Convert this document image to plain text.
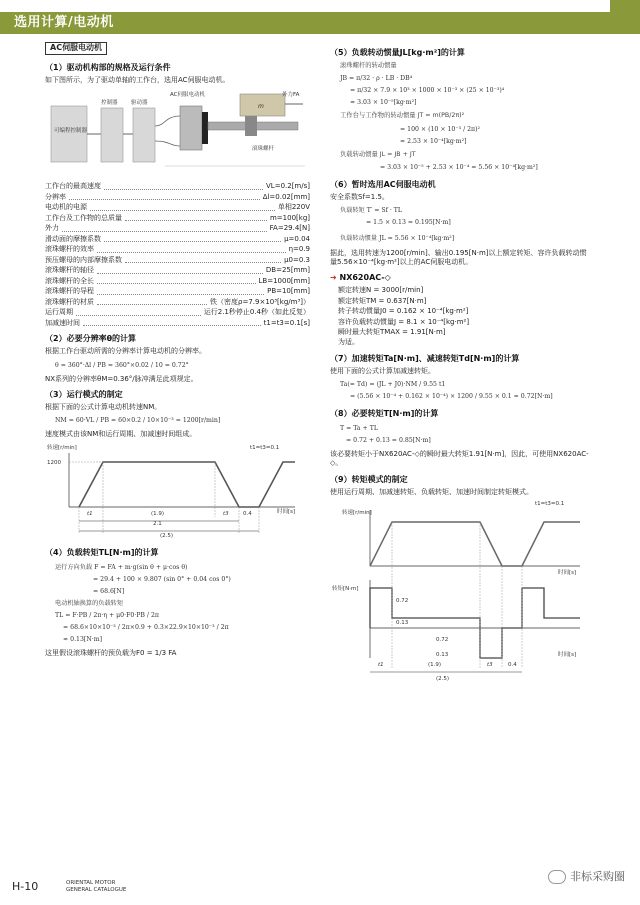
选用计算/电动机
AC伺服电动机
（1）驱动机构部的规格及运行条件
如下图所示，为了驱动单轴的工作台，选用AC伺服电动机。
可编程控制器
控制器 驱动器
AC伺服电动机
m
外力FA
滚珠螺杆
工作台的最高速度	VL=0.2[m/s]
分辨率	Δl=0.02[mm]
电动机的电源	单相220V
工作台及工作物的总质量	m=100[kg]
外力	FA=29.4[N]
滑动面的摩擦系数	μ=0.04
滚珠螺杆的效率	η=0.9
预压螺母的内部摩擦系数	μ0=0.3
滚珠螺杆的轴径	DB=25[mm]
滚珠螺杆的全长	LB=1000[mm]
滚珠螺杆的导程	PB=10[mm]
滚珠螺杆的材质	铁（密度ρ=7.9×10³[kg/m³]）
运行周期	运行2.1秒停止0.4秒（如此反复）
加减速时间	t1=t3=0.1[s]
（2）必要分辨率θ的计算
根据工作台驱动所需的分辨率计算电动机的分辨率。
θ = 360°·Δl / PB = 360°×0.02 / 10 = 0.72°
NX系列的分辨率θM=0.36°/脉冲满足此项规定。
（3）运行模式的制定
根据下面的公式计算电动机转速NM。
NM = 60·VL / PB = 60×0.2 / 10×10⁻³ = 1200[r/min]
速度模式由该NM和运行周期、加减速时间组成。
转速[r/min]	t1=t3=0.1
1200
时间[s]
t1	(1.9)	t3	0.4
2.1
(2.5)
（4）负载转矩TL[N·m]的计算
运行方向负载 F = FA + m·g(sin θ + μ·cos θ)
= 29.4 + 100 × 9.807 (sin 0° + 0.04 cos 0°)
= 68.6[N]
电动机轴换算的负载转矩
TL = F·PB / 2π·η + μ0·F0·PB / 2π
= 68.6×10×10⁻³ / 2π×0.9 + 0.3×22.9×10×10⁻³ / 2π
≈ 0.13[N·m]
这里假设滚珠螺杆的预负载为F0 = 1/3 FA
（5）负载转动惯量JL[kg·m²]的计算
滚珠螺杆的转动惯量
JB = π/32 · ρ · LB · DB⁴
= π/32 × 7.9 × 10³ × 1000 × 10⁻³ × (25 × 10⁻³)⁴
≈ 3.03 × 10⁻⁵[kg·m²]
工作台与工作物的转动惯量 JT = m(PB/2π)²
= 100 × (10 × 10⁻³ / 2π)²
≈ 2.53 × 10⁻⁴[kg·m²]
负载转动惯量 JL = JB + JT
= 3.03 × 10⁻⁵ + 2.53 × 10⁻⁴ = 5.56 × 10⁻⁴[kg·m²]
（6）暂时选用AC伺服电动机
安全系数Sf=1.5。
负载转矩 T′ = Sf · TL
= 1.5 × 0.13 = 0.195[N·m]
负载转动惯量 JL = 5.56 × 10⁻⁴[kg·m²]
据此，选用转速为1200[r/min]、输出0.195[N·m]以上额定转矩、容许负载转动惯量5.56×10⁻⁴[kg·m²]以上的AC伺服电动机。
➜ NX620AC-◇
额定转速N = 3000[r/min]
额定转矩TM = 0.637[N·m]
转子转动惯量J0 = 0.162 × 10⁻⁴[kg·m²]
容许负载转动惯量J = 8.1 × 10⁻⁴[kg·m²]
瞬时最大转矩TMAX = 1.91[N·m]
为适。
（7）加速转矩Ta[N·m]、减速转矩Td[N·m]的计算
使用下面的公式计算加减速转矩。
Ta(= Td) = (JL + J0)·NM / 9.55 t1
= (5.56 × 10⁻⁴ + 0.162 × 10⁻⁴) × 1200 / 9.55 × 0.1 ≈ 0.72[N·m]
（8）必要转矩T[N·m]的计算
T = Ta + TL
= 0.72 + 0.13 = 0.85[N·m]
该必要转矩小于NX620AC-◇的瞬时最大转矩1.91[N·m]，因此，可使用NX620AC-◇。
（9）转矩模式的制定
使用运行周期、加减速转矩、负载转矩、加速时间制定转矩模式。
t1=t3=0.1
转速[r/min]
时间[s]
转矩[N·m]
0.72
0.13
0.72
0.13	时间[s]
t1	(1.9)	t3	0.4
(2.5)
H-10	ORIENTAL MOTOR
GENERAL CATALOGUE
非标采购圈
